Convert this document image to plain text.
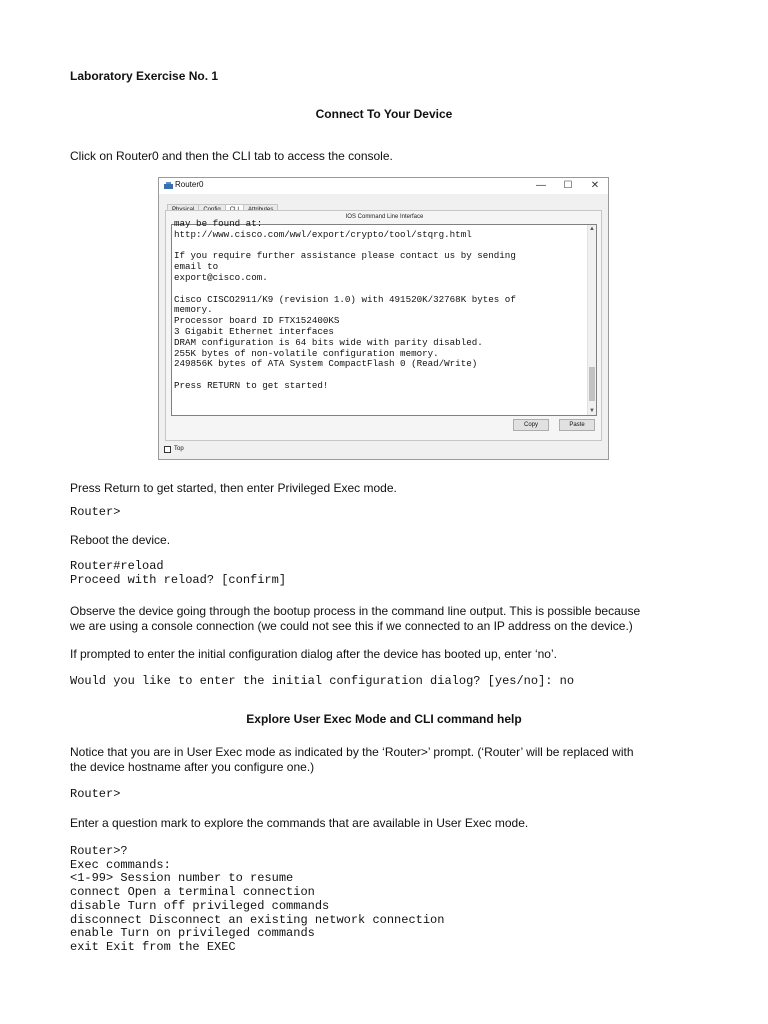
Laboratory Exercise No. 1
Connect To Your Device
Click on Router0 and then the CLI tab to access the console.
Router0	— ☐ ✕
IOS Command Line Interface
may be found at:
http://www.cisco.com/wwl/export/crypto/tool/stqrg.html

If you require further assistance please contact us by sending
email to
export@cisco.com.

Cisco CISCO2911/K9 (revision 1.0) with 491520K/32768K bytes of
memory.
Processor board ID FTX152400KS
3 Gigabit Ethernet interfaces
DRAM configuration is 64 bits wide with parity disabled.
255K bytes of non-volatile configuration memory.
249856K bytes of ATA System CompactFlash 0 (Read/Write)

Press RETURN to get started!
▲
▼
Copy	Paste
Top
Press Return to get started, then enter Privileged Exec mode.
Router>
Reboot the device.
Router#reload
Proceed with reload? [confirm]
Observe the device going through the bootup process in the command line output. This is possible because
we are using a console connection (we could not see this if we connected to an IP address on the device.)
If prompted to enter the initial configuration dialog after the device has booted up, enter ‘no’.
Would you like to enter the initial configuration dialog? [yes/no]: no
Explore User Exec Mode and CLI command help
Notice that you are in User Exec mode as indicated by the ‘Router>’ prompt. (‘Router’ will be replaced with
the device hostname after you configure one.)
Router>
Enter a question mark to explore the commands that are available in User Exec mode.
Router>?
Exec commands:
<1-99> Session number to resume
connect Open a terminal connection
disable Turn off privileged commands
disconnect Disconnect an existing network connection
enable Turn on privileged commands
exit Exit from the EXEC
